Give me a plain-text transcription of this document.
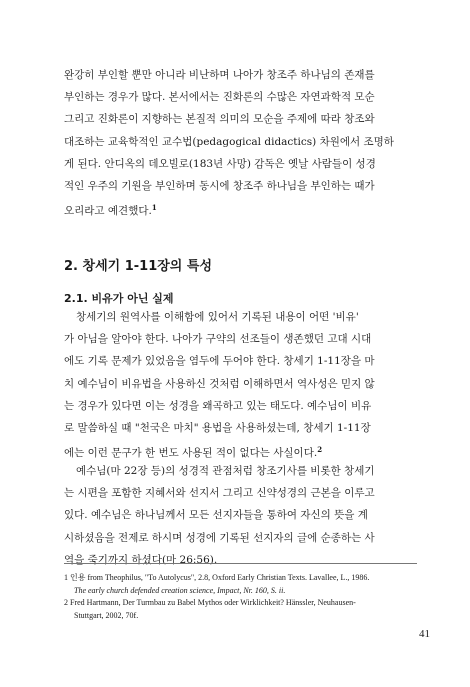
완강히 부인할 뿐만 아니라 비난하며 나아가 창조주 하나님의 존재를
부인하는 경우가 많다. 본서에서는 진화론의 수많은 자연과학적 모순
그리고 진화론이 지향하는 본질적 의미의 모순을 주제에 따라 창조와
대조하는 교육학적인 교수법(pedagogical didactics) 차원에서 조명하
게 된다. 안디옥의 데오빌로(183년 사망) 감독은 옛날 사람들이 성경
적인 우주의 기원을 부인하며 동시에 창조주 하나님을 부인하는 때가
오리라고 예견했다.$^1$

2. 창세기 1-11장의 특성
2.1. 비유가 아닌 실제

창세기의 원역사를 이해함에 있어서 기록된 내용이 어떤 '비유'
가 아님을 알아야 한다. 나아가 구약의 선조들이 생존했던 고대 시대
에도 기록 문제가 있었음을 염두에 두어야 한다. 창세기 1-11장을 마
치 예수님이 비유법을 사용하신 것처럼 이해하면서 역사성은 믿지 않
는 경우가 있다면 이는 성경을 왜곡하고 있는 태도다. 예수님이 비유
로 말씀하실 때 "천국은 마치" 용법을 사용하셨는데, 창세기 1-11장
에는 이런 문구가 한 번도 사용된 적이 없다는 사실이다.$^2$

예수님(마 22장 등)의 성경적 관점처럼 창조기사를 비롯한 창세기
는 시편을 포함한 지혜서와 선지서 그리고 신약성경의 근본을 이루고
있다. 예수님은 하나님께서 모든 선지자들을 통하여 자신의 뜻을 계
시하셨음을 전제로 하시며 성경에 기록된 선지자의 글에 순종하는 사
역을 죽기까지 하셨다(마 26:56).

1 인용 from Theophilus, "To Autolycus", 2.8, Oxford Early Christian Texts. Lavallee, L., 1986.
The early church defended creation science, Impact, Nr. 160, S. ii.
2 Fred Hartmann, Der Turmbau zu Babel Mythos oder Wirklichkeit? Hänssler, Neuhausen-
Stuttgart, 2002, 70f.
41
